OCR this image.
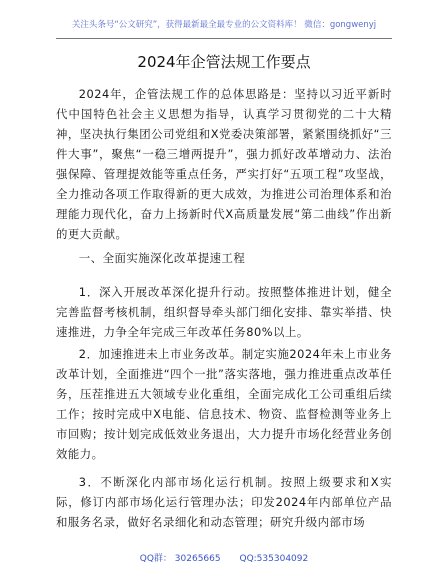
关注头条号“公文研究”，获得最新最全最专业的公文资料库！ 微信：gongwenyj
2024年企管法规工作要点

2024年，企管法规工作的总体思路是：坚持以习近平新时代中国特色社会主义思想为指导，认真学习贯彻党的二十大精神，坚决执行集团公司党组和X党委决策部署，紧紧围绕抓好“三件大事”，聚焦“一稳三增两提升”，强力抓好改革增动力、法治强保障、管理提效能等重点任务，严实打好“五项工程”攻坚战，全力推动各项工作取得新的更大成效，为推进公司治理体系和治理能力现代化，奋力上扬新时代X高质量发展“第二曲线”作出新的更大贡献。

一、全面实施深化改革提速工程

1．深入开展改革深化提升行动。按照整体推进计划，健全完善监督考核机制，组织督导牵头部门细化安排、靠实举措、快速推进，力争全年完成三年改革任务80%以上。

2．加速推进未上市业务改革。制定实施2024年未上市业务改革计划，全面推进“四个一批”落实落地，强力推进重点改革任务，压茬推进五大领域专业化重组，全面完成化工公司重组后续工作；按时完成中X电能、信息技术、物资、监督检测等业务上市回购；按计划完成低效业务退出，大力提升市场化经营业务创效能力。

3．不断深化内部市场化运行机制。按照上级要求和X实际，修订内部市场化运行管理办法；印发2024年内部单位产品和服务名录，做好名录细化和动态管理；研究升级内部市场

QQ群： 30265665 QQ:535304092
